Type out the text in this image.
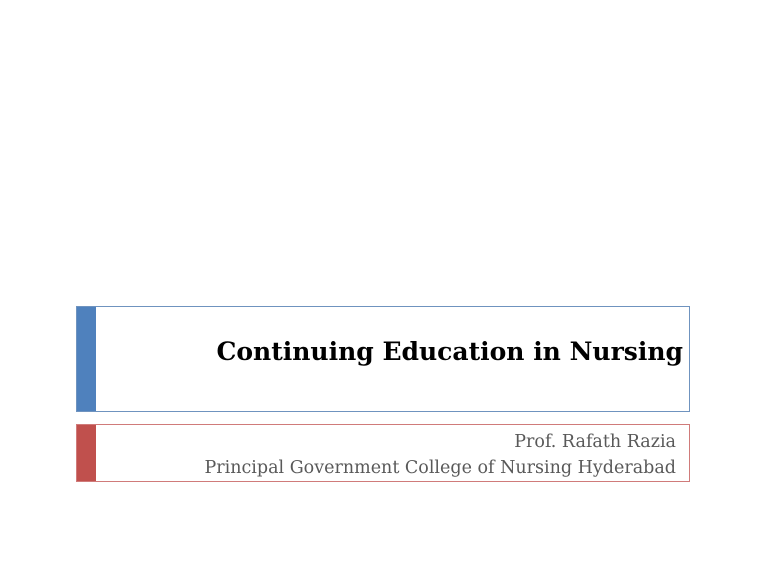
Continuing Education in Nursing
Prof. Rafath Razia
Principal Government College of Nursing Hyderabad
